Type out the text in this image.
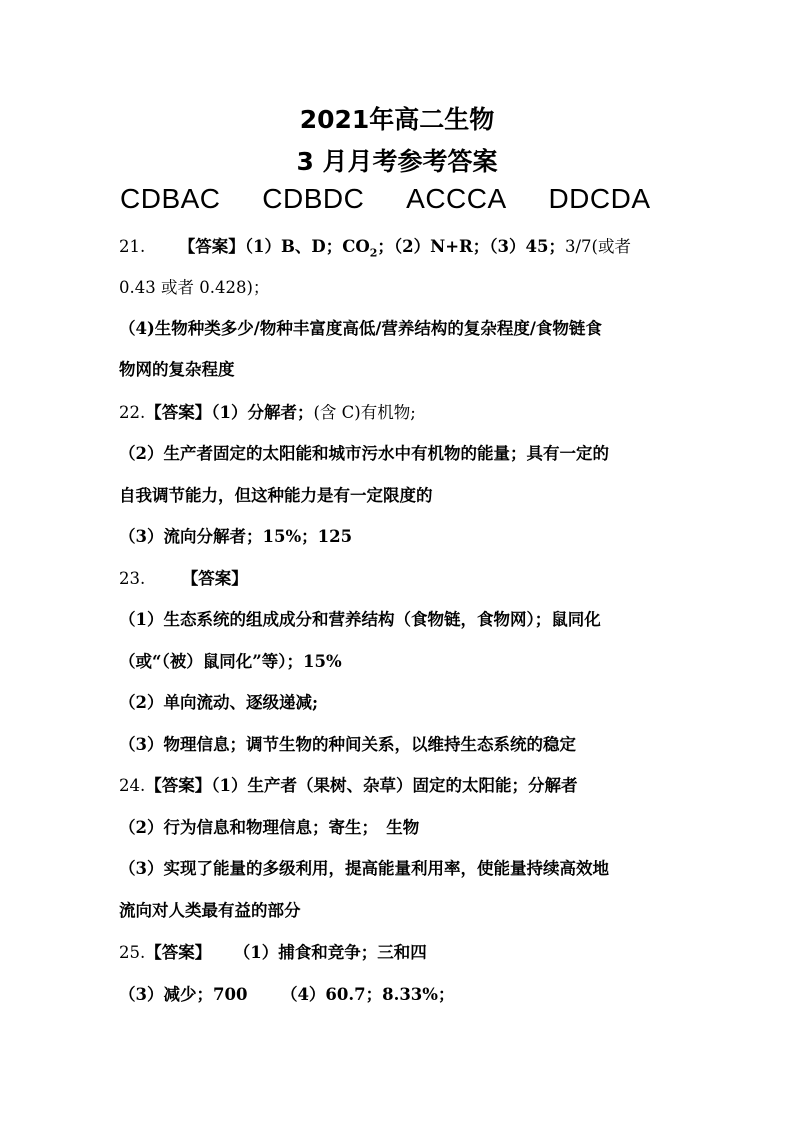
2021年高二生物
3 月月考参考答案
CDBAC CDBDC ACCCA DDCDA
21. 【答案】（1）B、D；$CO_2$；（2）N+R；（3）45；3/7(或者
0.43 或者 0.428)；
（4)生物种类多少/物种丰富度高低/营养结构的复杂程度/食物链食
物网的复杂程度
22.【答案】（1）分解者；(含 C)有机物;
（2）生产者固定的太阳能和城市污水中有机物的能量；具有一定的
自我调节能力，但这种能力是有一定限度的
（3）流向分解者；15%；125
23. 【答案】
（1）生态系统的组成成分和营养结构（食物链，食物网）；鼠同化
（或“（被）鼠同化”等）；15%
（2）单向流动、逐级递减;
（3）物理信息；调节生物的种间关系，以维持生态系统的稳定
24.【答案】（1）生产者（果树、杂草）固定的太阳能；分解者
（2）行为信息和物理信息；寄生；　生物
（3）实现了能量的多级利用，提高能量利用率，使能量持续高效地
流向对人类最有益的部分
25.【答案】 （1）捕食和竞争；三和四
（3）减少；700 （4）60.7；8.33%；
